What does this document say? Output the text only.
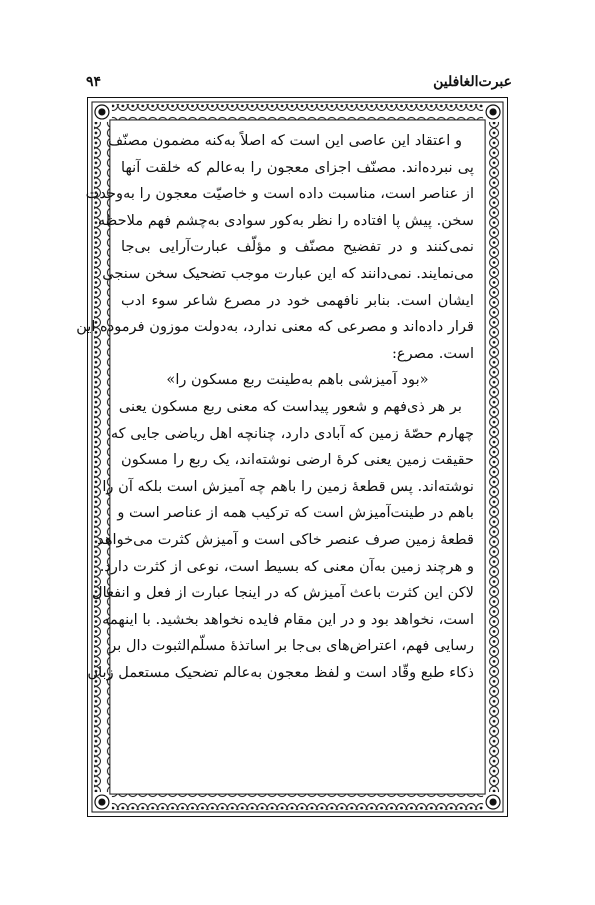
عبرت‌الغافلین
۹۴
و اعتقاد این عاصی این است که اصلاً به‌کنه مضمون مصنّف
پی نبرده‌اند. مصنّف اجزای معجون را به‌عالم که خلقت آنها
از عناصر است، مناسبت داده است و خاصیّت معجون را به‌وحدت
سخن. پیش پا افتاده را نظر به‌کور سوادی به‌چشم فهم ملاحظه
نمی‌کنند و در تفضیح مصنّف و مؤلّف عبارت‌آرایی بی‌جا
می‌نمایند. نمی‌دانند که این عبارت موجب تضحیک سخن سنجی
ایشان است. بنابر نافهمی خود در مصرع شاعر سوء ادب
قرار داده‌اند و مصرعی که معنی ندارد، به‌دولت موزون فرموده این
است. مصرع:
«بود آمیزشی باهم به‌طینت ربع مسکون را»
بر هر ذی‌فهم و شعور پیداست که معنی ربع مسکون یعنی
چهارم حصّهٔ زمین که آبادی دارد، چنانچه اهل ریاضی جایی که
حقیقت زمین یعنی کرهٔ ارضی نوشته‌اند، یک ربع را مسکون
نوشته‌اند. پس قطعهٔ زمین را باهم چه آمیزش است بلکه آن را
باهم در طینت‌آمیزش است که ترکیب همه از عناصر است و
قطعهٔ زمین صرف عنصر خاکی است و آمیزش کثرت می‌خواهد
و هرچند زمین به‌آن معنی که بسیط است، نوعی از کثرت دارد.
لاکن این کثرت باعث آمیزش که در اینجا عبارت از فعل و انفعال
است، نخواهد بود و در این مقام فایده نخواهد بخشید. با اینهمه
رسایی فهم، اعتراض‌های بی‌جا بر اساتذهٔ مسلّم‌الثبوت دال بر
ذکاء طبع وقّاد است و لفظ معجون به‌عالم تضحیک مستعمل زبان
